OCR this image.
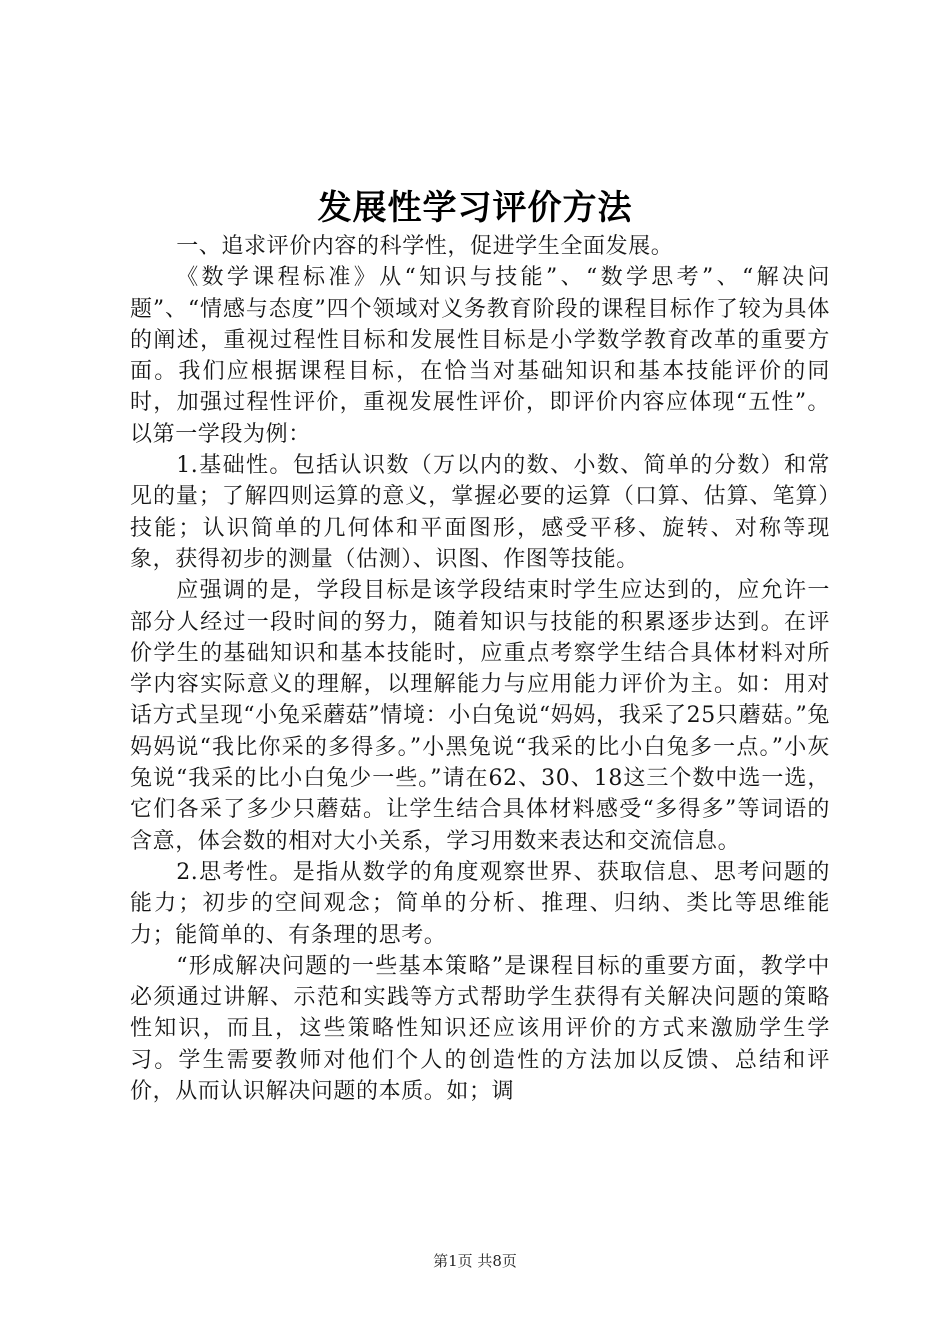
发展性学习评价方法

一、追求评价内容的科学性，促进学生全面发展。

《数学课程标准》从“知识与技能”、“数学思考”、“解决问题”、“情感与态度”四个领域对义务教育阶段的课程目标作了较为具体的阐述，重视过程性目标和发展性目标是小学数学教育改革的重要方面。我们应根据课程目标，在恰当对基础知识和基本技能评价的同时，加强过程性评价，重视发展性评价，即评价内容应体现“五性”。以第一学段为例：

1.基础性。包括认识数（万以内的数、小数、简单的分数）和常见的量；了解四则运算的意义，掌握必要的运算（口算、估算、笔算）技能；认识简单的几何体和平面图形，感受平移、旋转、对称等现象，获得初步的测量（估测）、识图、作图等技能。

应强调的是，学段目标是该学段结束时学生应达到的，应允许一部分人经过一段时间的努力，随着知识与技能的积累逐步达到。在评价学生的基础知识和基本技能时，应重点考察学生结合具体材料对所学内容实际意义的理解，以理解能力与应用能力评价为主。如：用对话方式呈现“小兔采蘑菇”情境：小白兔说“妈妈，我采了25只蘑菇。”兔妈妈说“我比你采的多得多。”小黑兔说“我采的比小白兔多一点。”小灰兔说“我采的比小白兔少一些。”请在62、30、18这三个数中选一选，它们各采了多少只蘑菇。让学生结合具体材料感受“多得多”等词语的含意，体会数的相对大小关系，学习用数来表达和交流信息。

2.思考性。是指从数学的角度观察世界、获取信息、思考问题的能力；初步的空间观念；简单的分析、推理、归纳、类比等思维能力；能简单的、有条理的思考。

“形成解决问题的一些基本策略”是课程目标的重要方面，教学中必须通过讲解、示范和实践等方式帮助学生获得有关解决问题的策略性知识，而且，这些策略性知识还应该用评价的方式来激励学生学习。学生需要教师对他们个人的创造性的方法加以反馈、总结和评价，从而认识解决问题的本质。如；调

第1页 共8页
